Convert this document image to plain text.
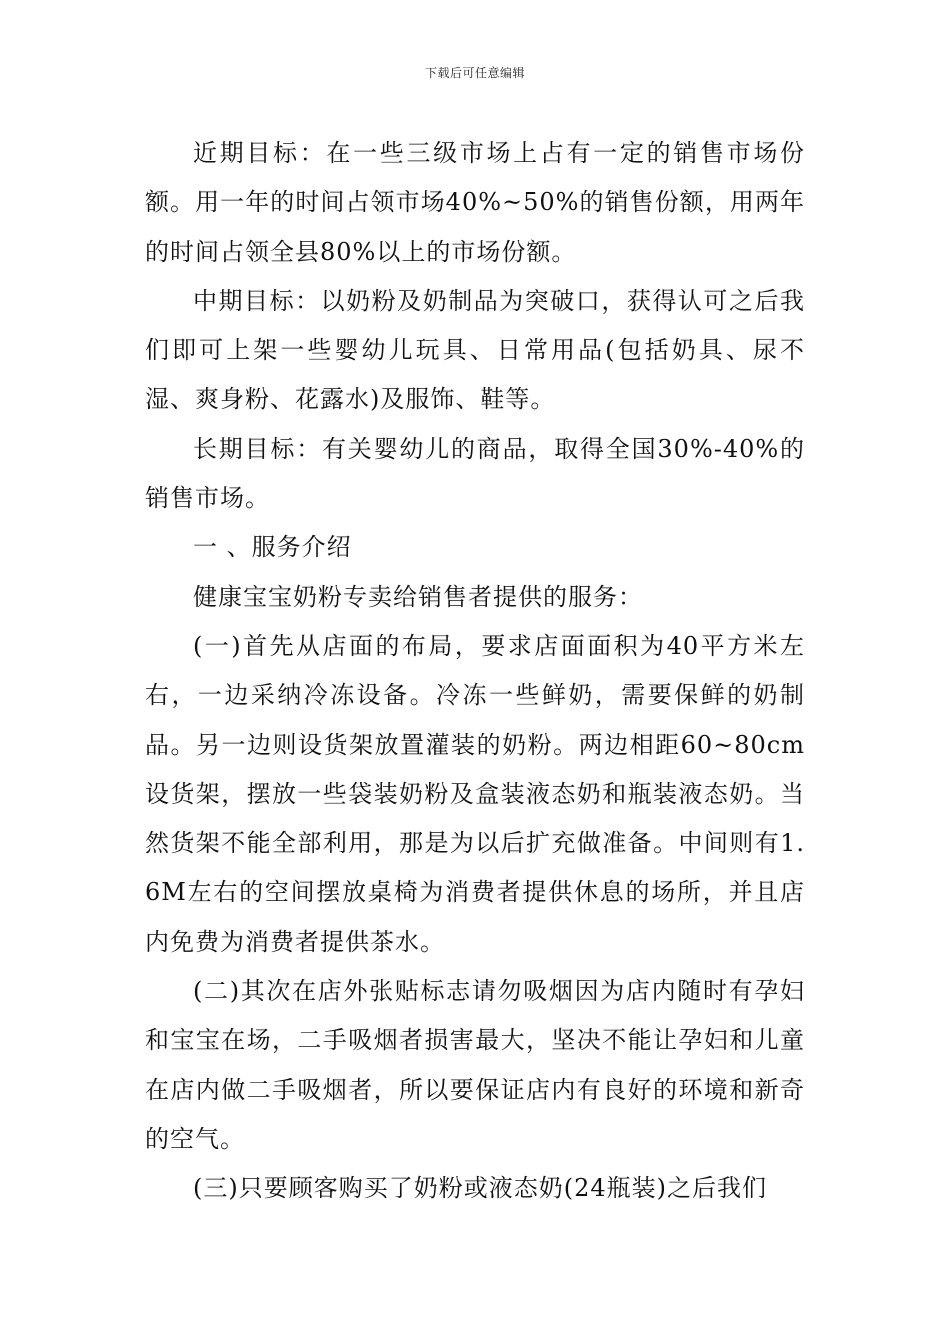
下载后可任意编辑

近期目标：在一些三级市场上占有一定的销售市场份额。用一年的时间占领市场40%~50%的销售份额，用两年的时间占领全县80%以上的市场份额。

中期目标：以奶粉及奶制品为突破口，获得认可之后我们即可上架一些婴幼儿玩具、日常用品(包括奶具、尿不湿、爽身粉、花露水)及服饰、鞋等。

长期目标：有关婴幼儿的商品，取得全国30%-40%的销售市场。

一 、服务介绍

健康宝宝奶粉专卖给销售者提供的服务：

(一)首先从店面的布局，要求店面面积为40平方米左右，一边采纳冷冻设备。冷冻一些鲜奶，需要保鲜的奶制品。另一边则设货架放置灌装的奶粉。两边相距60~80cm设货架，摆放一些袋装奶粉及盒装液态奶和瓶装液态奶。当然货架不能全部利用，那是为以后扩充做准备。中间则有1.6M左右的空间摆放桌椅为消费者提供休息的场所，并且店内免费为消费者提供茶水。

(二)其次在店外张贴标志请勿吸烟因为店内随时有孕妇和宝宝在场，二手吸烟者损害最大，坚决不能让孕妇和儿童在店内做二手吸烟者，所以要保证店内有良好的环境和新奇的空气。

(三)只要顾客购买了奶粉或液态奶(24瓶装)之后我们
